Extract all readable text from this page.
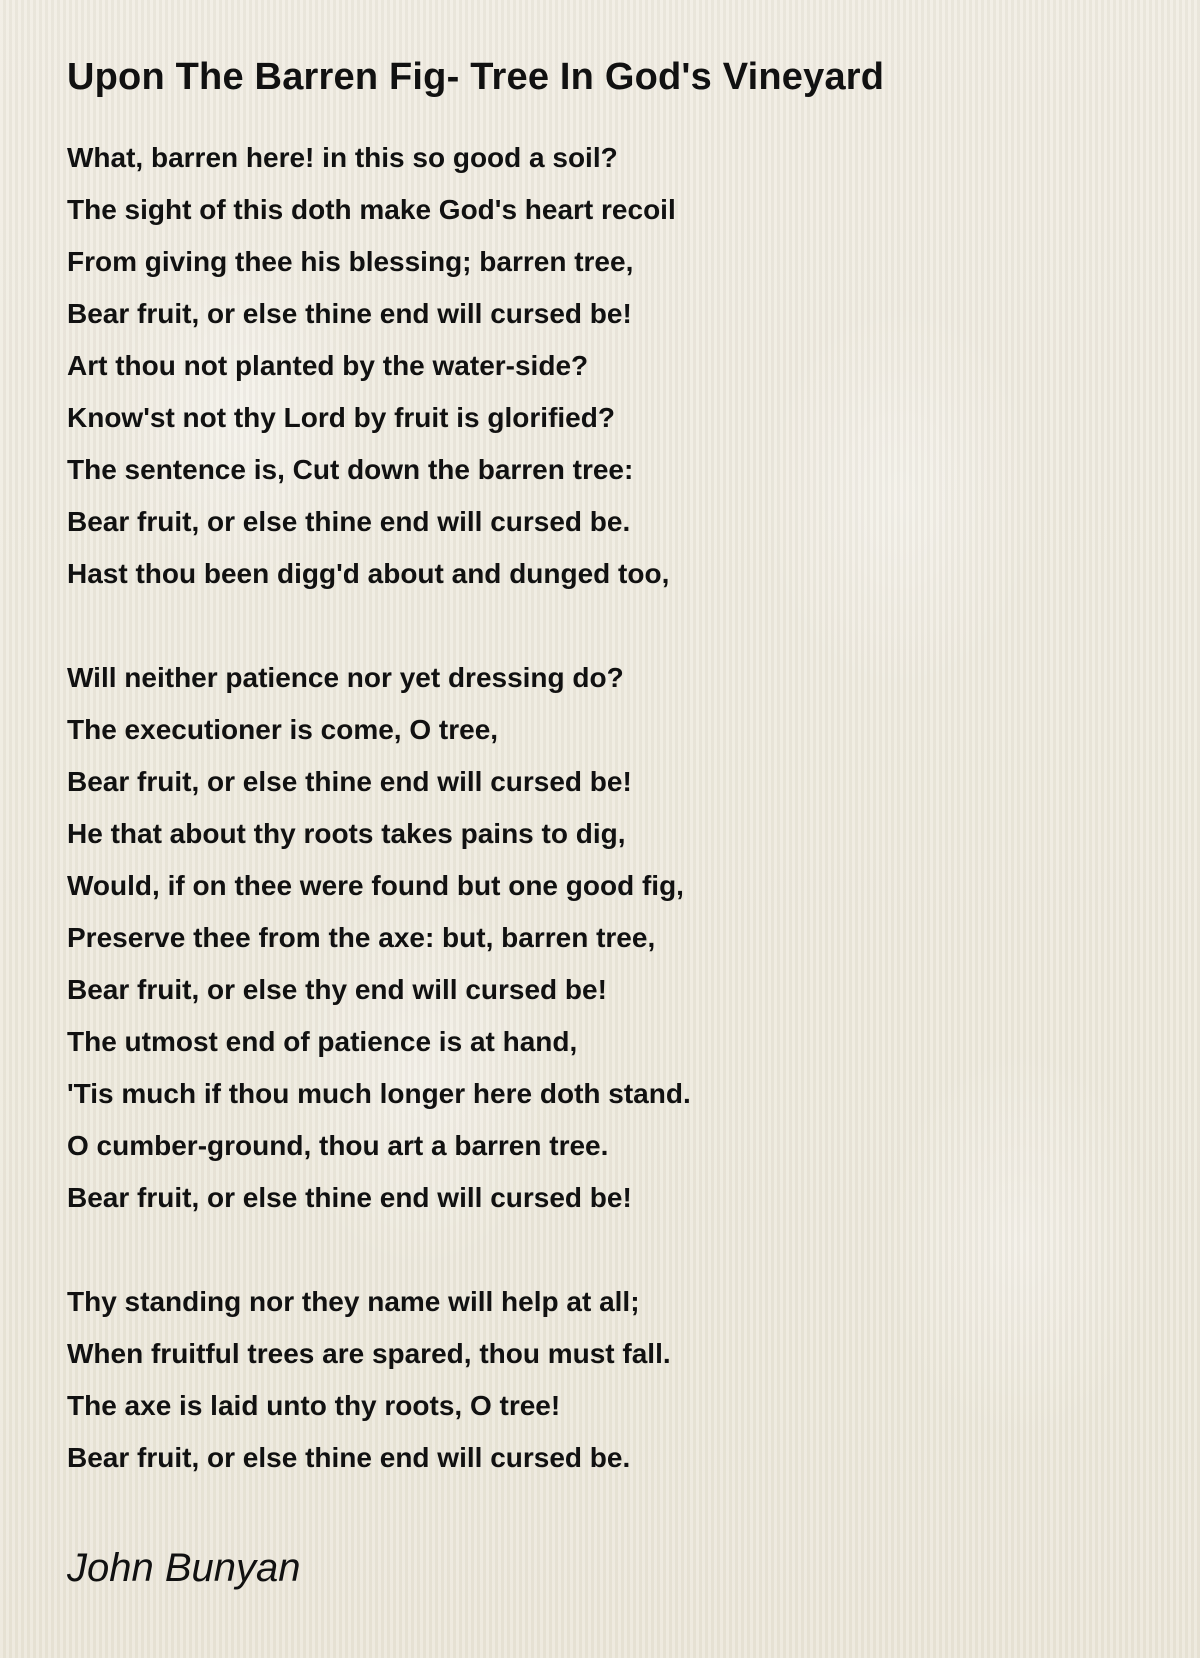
Upon The Barren Fig- Tree In God's Vineyard
What, barren here! in this so good a soil?
The sight of this doth make God's heart recoil
From giving thee his blessing; barren tree,
Bear fruit, or else thine end will cursed be!
Art thou not planted by the water-side?
Know'st not thy Lord by fruit is glorified?
The sentence is, Cut down the barren tree:
Bear fruit, or else thine end will cursed be.
Hast thou been digg'd about and dunged too,
Will neither patience nor yet dressing do?
The executioner is come, O tree,
Bear fruit, or else thine end will cursed be!
He that about thy roots takes pains to dig,
Would, if on thee were found but one good fig,
Preserve thee from the axe: but, barren tree,
Bear fruit, or else thy end will cursed be!
The utmost end of patience is at hand,
'Tis much if thou much longer here doth stand.
O cumber-ground, thou art a barren tree.
Bear fruit, or else thine end will cursed be!
Thy standing nor they name will help at all;
When fruitful trees are spared, thou must fall.
The axe is laid unto thy roots, O tree!
Bear fruit, or else thine end will cursed be.
John Bunyan
